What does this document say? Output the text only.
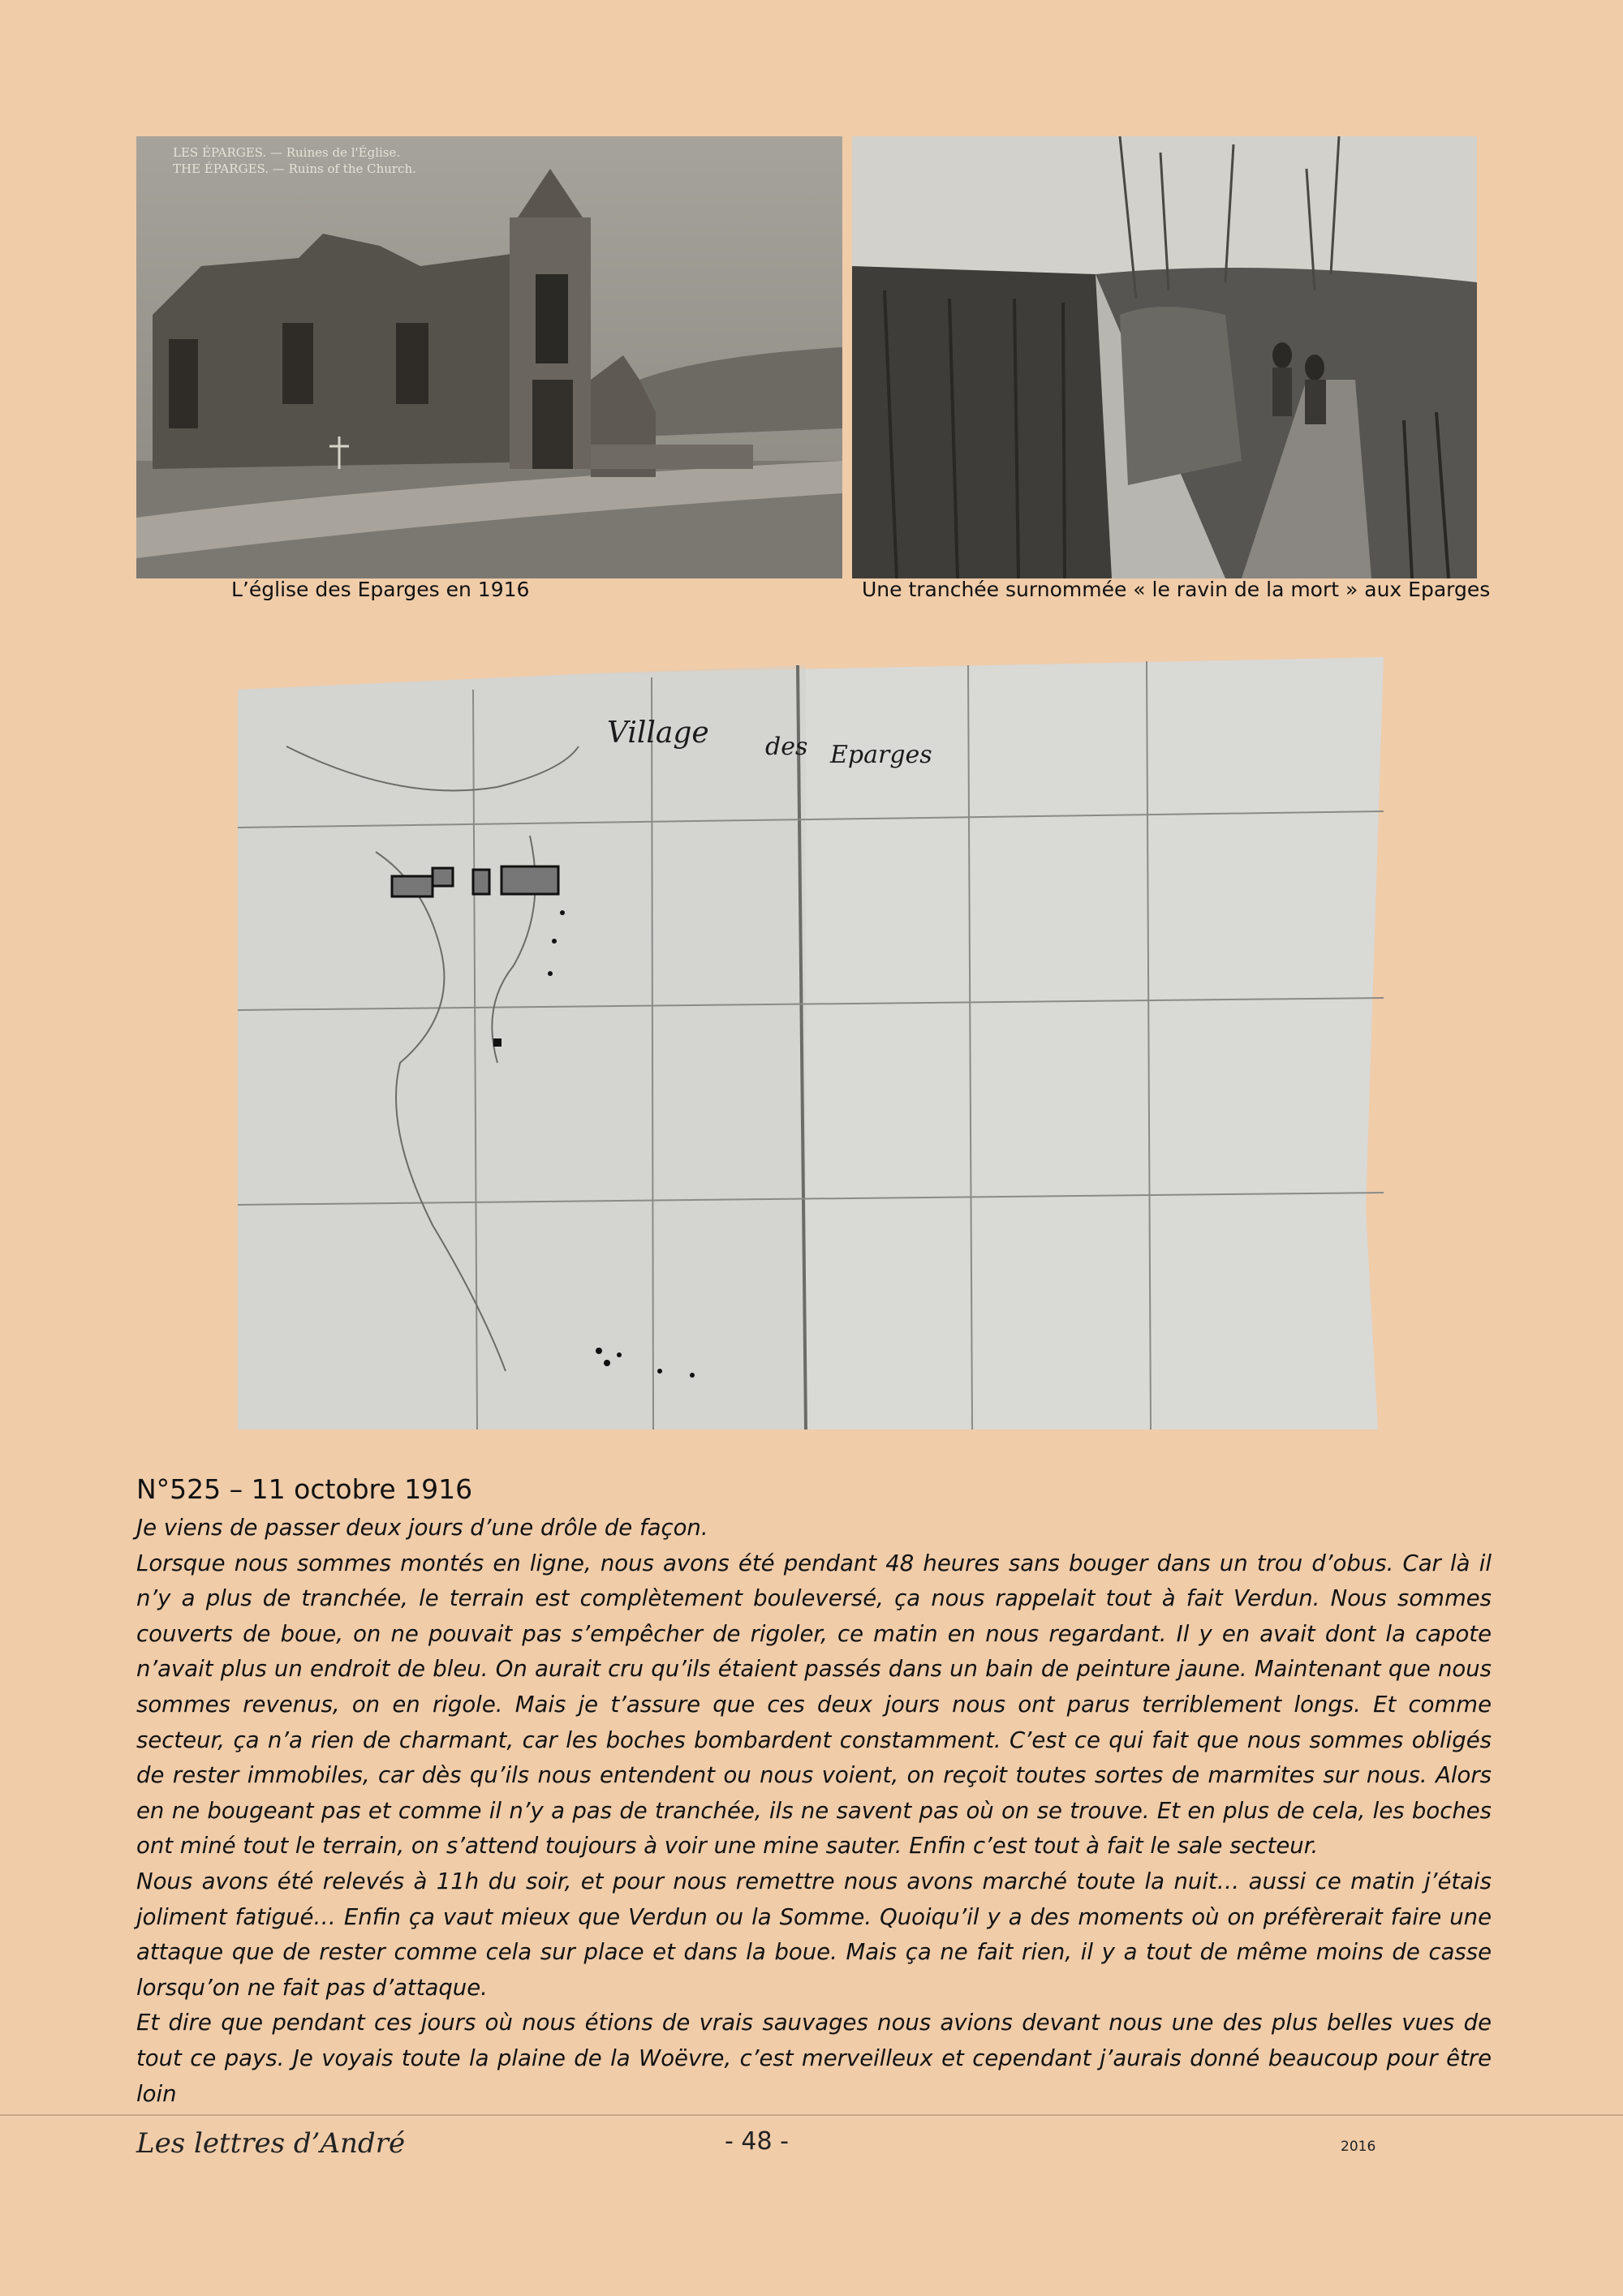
LES ÉPARGES. — Ruines de l'Église.
THE ÉPARGES. — Ruins of the Church.
L’église des Eparges en 1916	Une tranchée surnommée « le ravin de la mort » aux Eparges
Village des Eparges
N°525 – 11 octobre 1916

Je viens de passer deux jours d’une drôle de façon.

Lorsque nous sommes montés en ligne, nous avons été pendant 48 heures sans bouger dans un trou d’obus. Car là il n’y a plus de tranchée, le terrain est complètement bouleversé, ça nous rappelait tout à fait Verdun. Nous sommes couverts de boue, on ne pouvait pas s’empêcher de rigoler, ce matin en nous regardant. Il y en avait dont la capote n’avait plus un endroit de bleu. On aurait cru qu’ils étaient passés dans un bain de peinture jaune. Maintenant que nous sommes revenus, on en rigole. Mais je t’assure que ces deux jours nous ont parus terriblement longs. Et comme secteur, ça n’a rien de charmant, car les boches bombardent constamment. C’est ce qui fait que nous sommes obligés de rester immobiles, car dès qu’ils nous entendent ou nous voient, on reçoit toutes sortes de marmites sur nous. Alors en ne bougeant pas et comme il n’y a pas de tranchée, ils ne savent pas où on se trouve. Et en plus de cela, les boches ont miné tout le terrain, on s’attend toujours à voir une mine sauter. Enfin c’est tout à fait le sale secteur.

Nous avons été relevés à 11h du soir, et pour nous remettre nous avons marché toute la nuit… aussi ce matin j’étais joliment fatigué… Enfin ça vaut mieux que Verdun ou la Somme. Quoiqu’il y a des moments où on préfèrerait faire une attaque que de rester comme cela sur place et dans la boue. Mais ça ne fait rien, il y a tout de même moins de casse lorsqu’on ne fait pas d’attaque.

Et dire que pendant ces jours où nous étions de vrais sauvages nous avions devant nous une des plus belles vues de tout ce pays. Je voyais toute la plaine de la Woëvre, c’est merveilleux et cependant j’aurais donné beaucoup pour être loin

Les lettres d’André	- 48 -	2016
